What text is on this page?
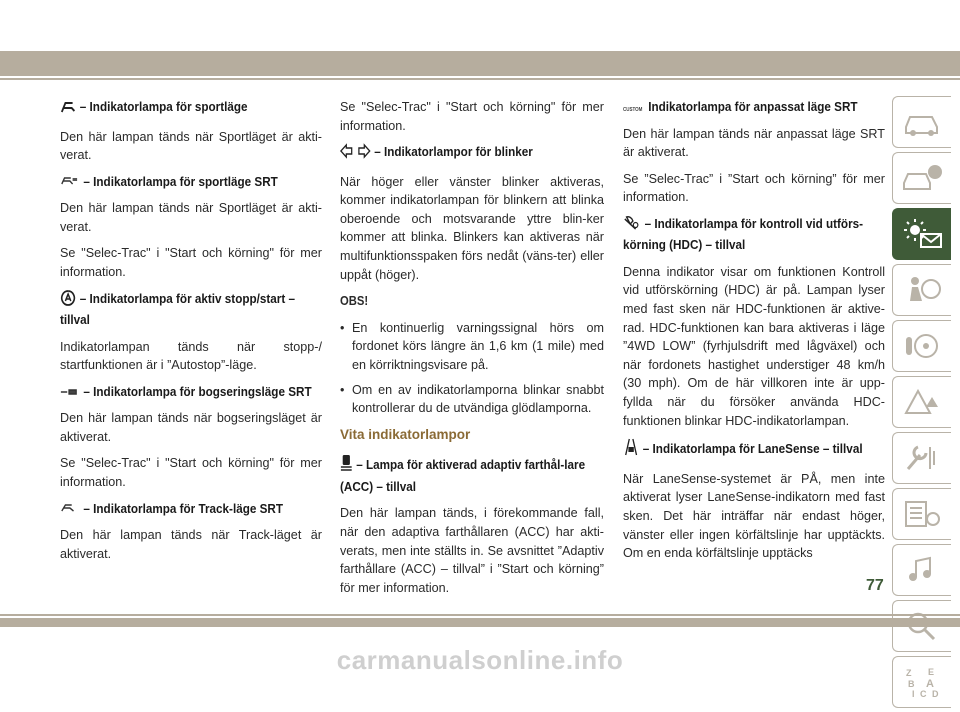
– Indikatorlampa för sportläge

Den här lampan tänds när Sportläget är akti-verat.

– Indikatorlampa för sportläge SRT

Den här lampan tänds när Sportläget är akti-verat.

Se "Selec-Trac" i "Start och körning" för mer information.

– Indikatorlampa för aktiv stopp/start – tillval

Indikatorlampan tänds när stopp-/ startfunktionen är i ”Autostop”-läge.

– Indikatorlampa för bogseringsläge SRT

Den här lampan tänds när bogseringsläget är aktiverat.

Se "Selec-Trac" i "Start och körning" för mer information.

– Indikatorlampa för Track-läge SRT

Den här lampan tänds när Track-läget är aktiverat.

Se "Selec-Trac" i "Start och körning" för mer information.

– Indikatorlampor för blinker

När höger eller vänster blinker aktiveras, kommer indikatorlampan för blinkern att blinka oberoende och motsvarande yttre blin-ker kommer att blinka. Blinkers kan aktiveras när multifunktionsspaken förs nedåt (väns-ter) eller uppåt (höger).

OBS!
• En kontinuerlig varningssignal hörs om fordonet körs längre än 1,6 km (1 mile) med en körriktningsvisare på.
• Om en av indikatorlamporna blinkar snabbt kontrollerar du de utvändiga glödlamporna.
Vita indikatorlampor
– Lampa för aktiverad adaptiv farthål-lare (ACC) – tillval

Den här lampan tänds, i förekommande fall, när den adaptiva farthållaren (ACC) har akti-verats, men inte ställts in. Se avsnittet ”Adaptiv farthållare (ACC) – tillval” i ”Start och körning” för mer information.

CUSTOM Indikatorlampa för anpassat läge SRT

Den här lampan tänds när anpassat läge SRT är aktiverat.

Se ”Selec-Trac” i ”Start och körning” för mer information.

– Indikatorlampa för kontroll vid utförs-körning (HDC) – tillval

Denna indikator visar om funktionen Kontroll vid utförskörning (HDC) är på. Lampan lyser med fast sken när HDC-funktionen är aktive-rad. HDC-funktionen kan bara aktiveras i läge ”4WD LOW” (fyrhjulsdrift med lågväxel) och när fordonets hastighet understiger 48 km/h (30 mph). Om de här villkoren inte är upp-fyllda när du försöker använda HDC-funktionen blinkar HDC-indikatorlampan.

– Indikatorlampa för LaneSense – tillval

När LaneSense-systemet är PÅ, men inte aktiverat lyser LaneSense-indikatorn med fast sken. Det här inträffar när endast höger, vänster eller ingen körfältslinje har upptäckts. Om en enda körfältslinje upptäcks

Z E
B A
I C D
77
carmanualsonline.info
